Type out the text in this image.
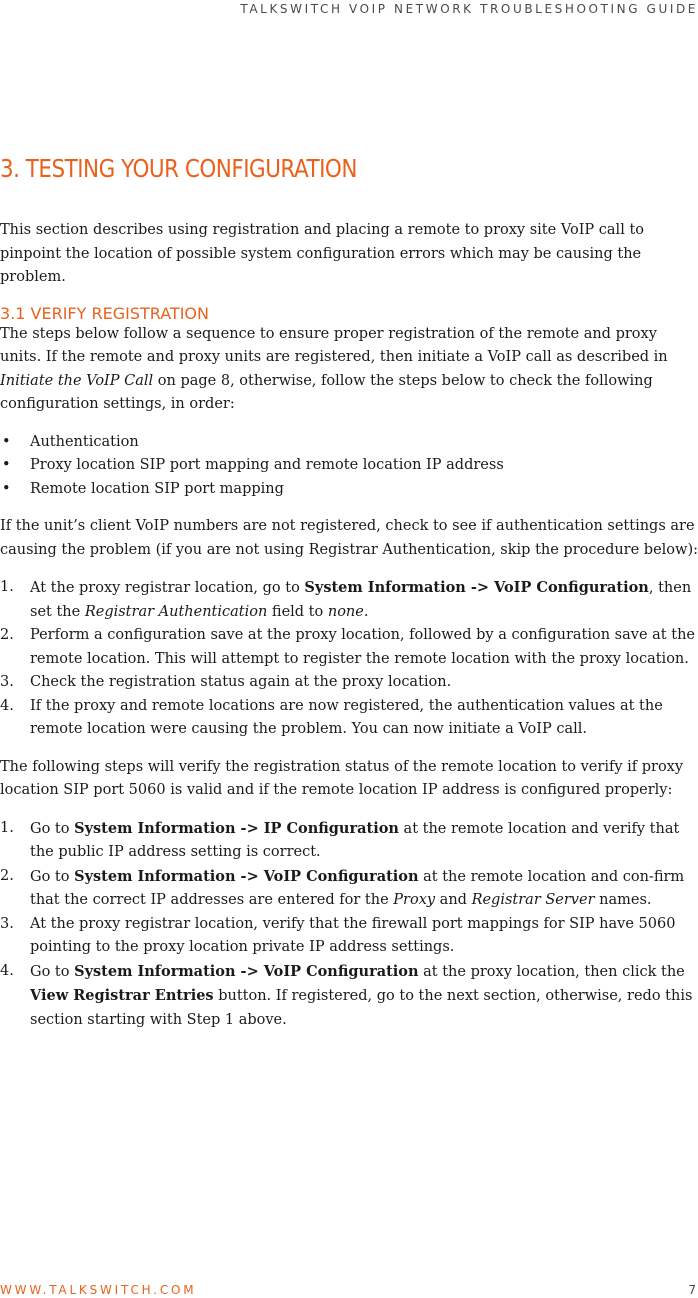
TALKSWITCH VOIP NETWORK TROUBLESHOOTING GUIDE
3. TESTING YOUR CONFIGURATION

This section describes using registration and placing a remote to proxy site VoIP call to pinpoint the location of possible system configuration errors which may be causing the problem.

3.1 VERIFY REGISTRATION

The steps below follow a sequence to ensure proper registration of the remote and proxy units. If the remote and proxy units are registered, then initiate a VoIP call as described in Initiate the VoIP Call on page 8, otherwise, follow the steps below to check the following configuration settings, in order:

• Authentication
• Proxy location SIP port mapping and remote location IP address
• Remote location SIP port mapping

If the unit’s client VoIP numbers are not registered, check to see if authentication settings are causing the problem (if you are not using Registrar Authentication, skip the procedure below):

1. At the proxy registrar location, go to System Information -> VoIP Configuration, then set the Registrar Authentication field to none.
2. Perform a configuration save at the proxy location, followed by a configuration save at the remote location. This will attempt to register the remote location with the proxy location.
3. Check the registration status again at the proxy location.
4. If the proxy and remote locations are now registered, the authentication values at the remote location were causing the problem. You can now initiate a VoIP call.

The following steps will verify the registration status of the remote location to verify if proxy location SIP port 5060 is valid and if the remote location IP address is configured properly:

1. Go to System Information -> IP Configuration at the remote location and verify that the public IP address setting is correct.
2. Go to System Information -> VoIP Configuration at the remote location and con-firm that the correct IP addresses are entered for the Proxy and Registrar Server names.
3. At the proxy registrar location, verify that the firewall port mappings for SIP have 5060 pointing to the proxy location private IP address settings.
4. Go to System Information -> VoIP Configuration at the proxy location, then click the View Registrar Entries button. If registered, go to the next section, otherwise, redo this section starting with Step 1 above.
WWW.TALKSWITCH.COM	7
